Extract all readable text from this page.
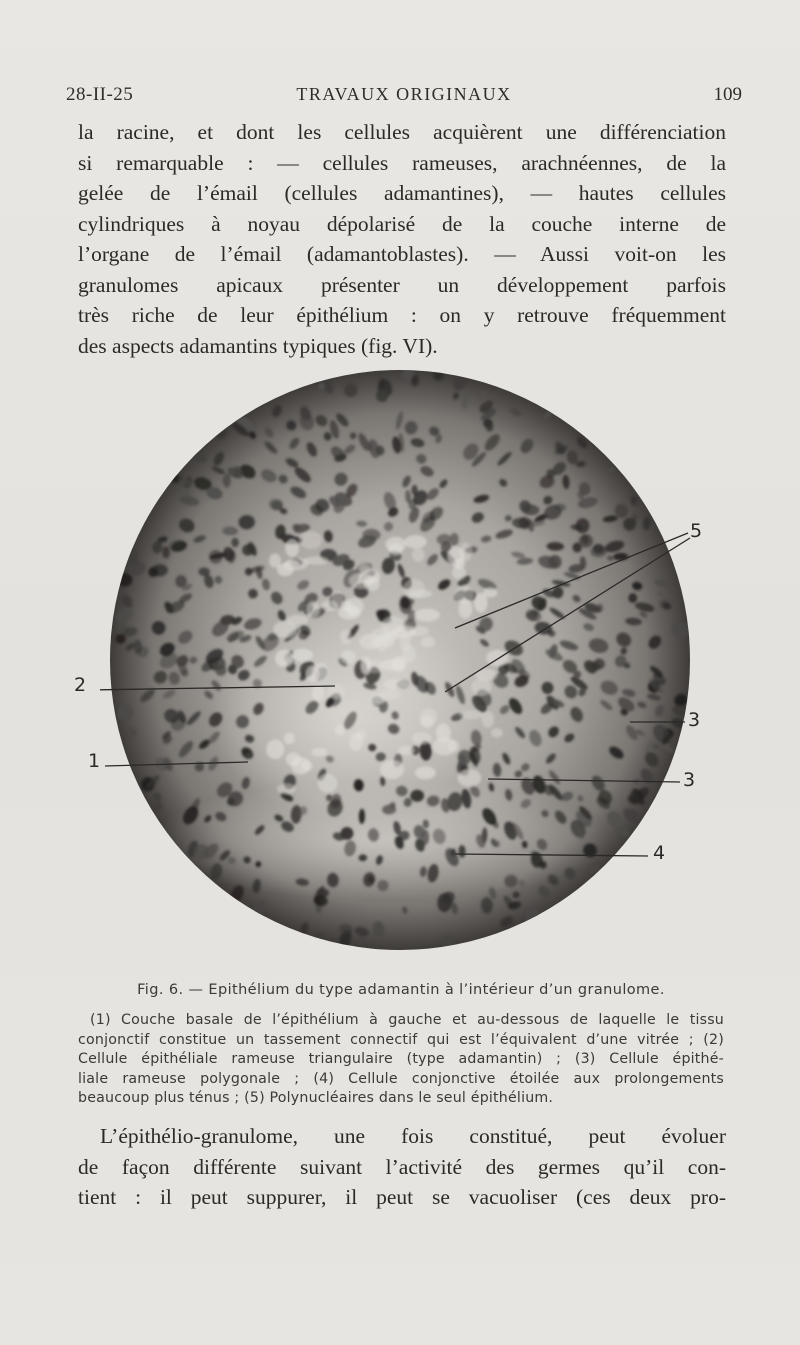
28-II-25	TRAVAUX ORIGINAUX	109
la racine, et dont les cellules acquièrent une différenciation
si remarquable : — cellules rameuses, arachnéennes, de la
gelée de l’émail (cellules adamantines), — hautes cellules
cylindriques à noyau dépolarisé de la couche interne de
l’organe de l’émail (adamantoblastes). — Aussi voit-on les
granulomes apicaux présenter un développement parfois
très riche de leur épithélium : on y retrouve fréquemment
des aspects adamantins typiques (fig. VI).
5
2
1
3
3
4
Fig. 6. — Epithélium du type adamantin à l’intérieur d’un granulome.
(1) Couche basale de l’épithélium à gauche et au-dessous de laquelle le tissu
conjonctif constitue un tassement connectif qui est l’équivalent d’une vitrée ; (2)
Cellule épithéliale rameuse triangulaire (type adamantin) ; (3) Cellule épithé-
liale rameuse polygonale ; (4) Cellule conjonctive étoilée aux prolongements
beaucoup plus ténus ; (5) Polynucléaires dans le seul épithélium.
L’épithélio-granulome, une fois constitué, peut évoluer
de façon différente suivant l’activité des germes qu’il con-
tient : il peut suppurer, il peut se vacuoliser (ces deux pro-
